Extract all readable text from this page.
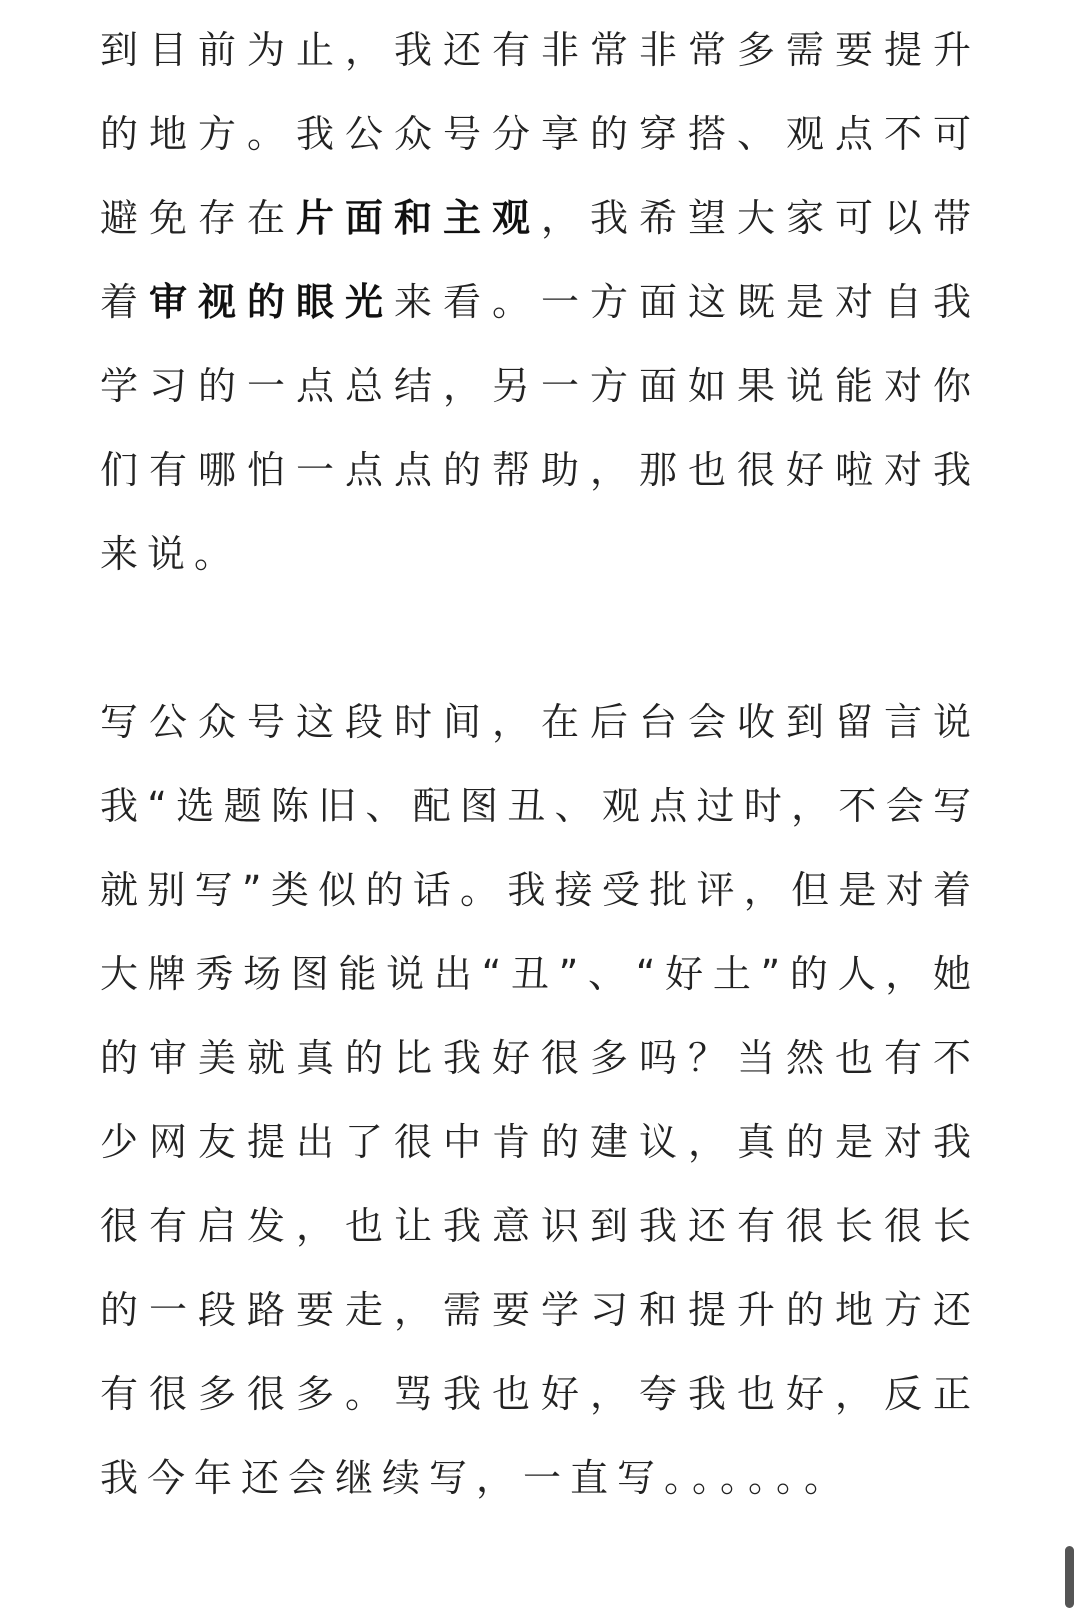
到目前为止，我还有非常非常多需要提升的地方。我公众号分享的穿搭、观点不可避免存在片面和主观，我希望大家可以带着审视的眼光来看。一方面这既是对自我学习的一点总结，另一方面如果说能对你们有哪怕一点点的帮助，那也很好啦对我来说。

写公众号这段时间，在后台会收到留言说我“选题陈旧、配图丑、观点过时，不会写就别写”类似的话。我接受批评，但是对着大牌秀场图能说出“丑”、“好土”的人，她的审美就真的比我好很多吗？当然也有不少网友提出了很中肯的建议，真的是对我很有启发，也让我意识到我还有很长很长的一段路要走，需要学习和提升的地方还有很多很多。骂我也好，夸我也好，反正我今年还会继续写，一直写。。。。。。
